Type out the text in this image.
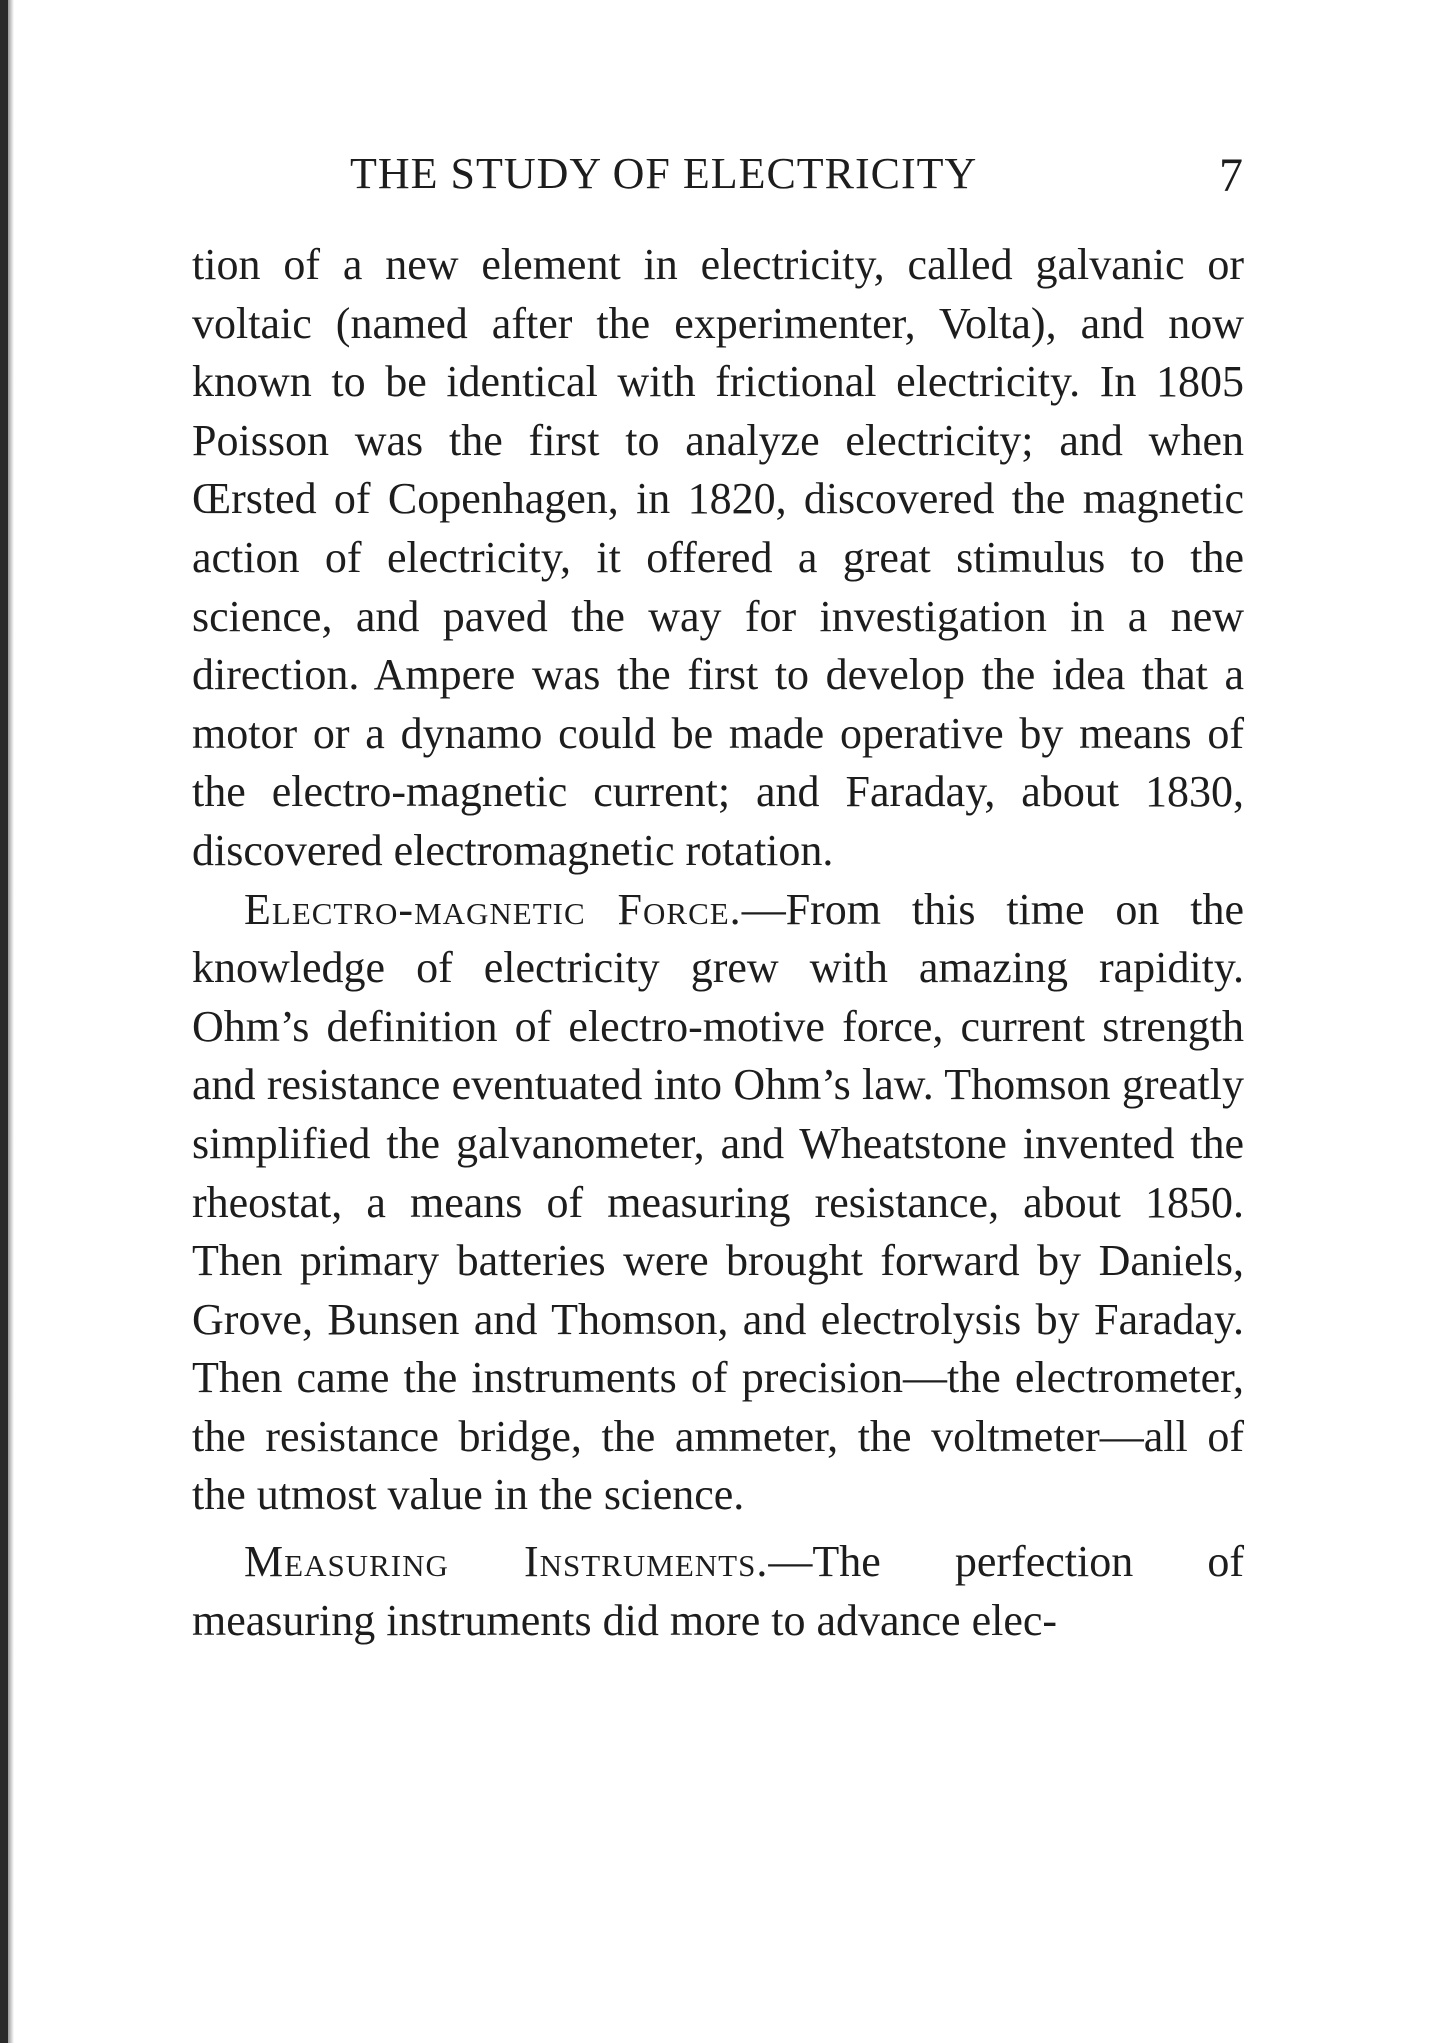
THE STUDY OF ELECTRICITY	7

tion of a new element in electricity, called galvanic or voltaic (named after the experimenter, Volta), and now known to be identical with frictional electricity. In 1805 Poisson was the first to analyze electricity; and when Œrsted of Copenhagen, in 1820, discovered the magnetic action of electricity, it offered a great stimulus to the science, and paved the way for investigation in a new direction. Ampere was the first to develop the idea that a motor or a dynamo could be made operative by means of the electro-magnetic current; and Faraday, about 1830, discovered electromagnetic rotation.

Electro-magnetic Force.—From this time on the knowledge of electricity grew with amazing rapidity. Ohm’s definition of electro-motive force, current strength and resistance eventuated into Ohm’s law. Thomson greatly simplified the galvanometer, and Wheatstone invented the rheostat, a means of measuring resistance, about 1850. Then primary batteries were brought forward by Daniels, Grove, Bunsen and Thomson, and electrolysis by Faraday. Then came the instruments of precision—the electrometer, the resistance bridge, the ammeter, the voltmeter—all of the utmost value in the science.

Measuring Instruments.—The perfection of measuring instruments did more to advance elec-
